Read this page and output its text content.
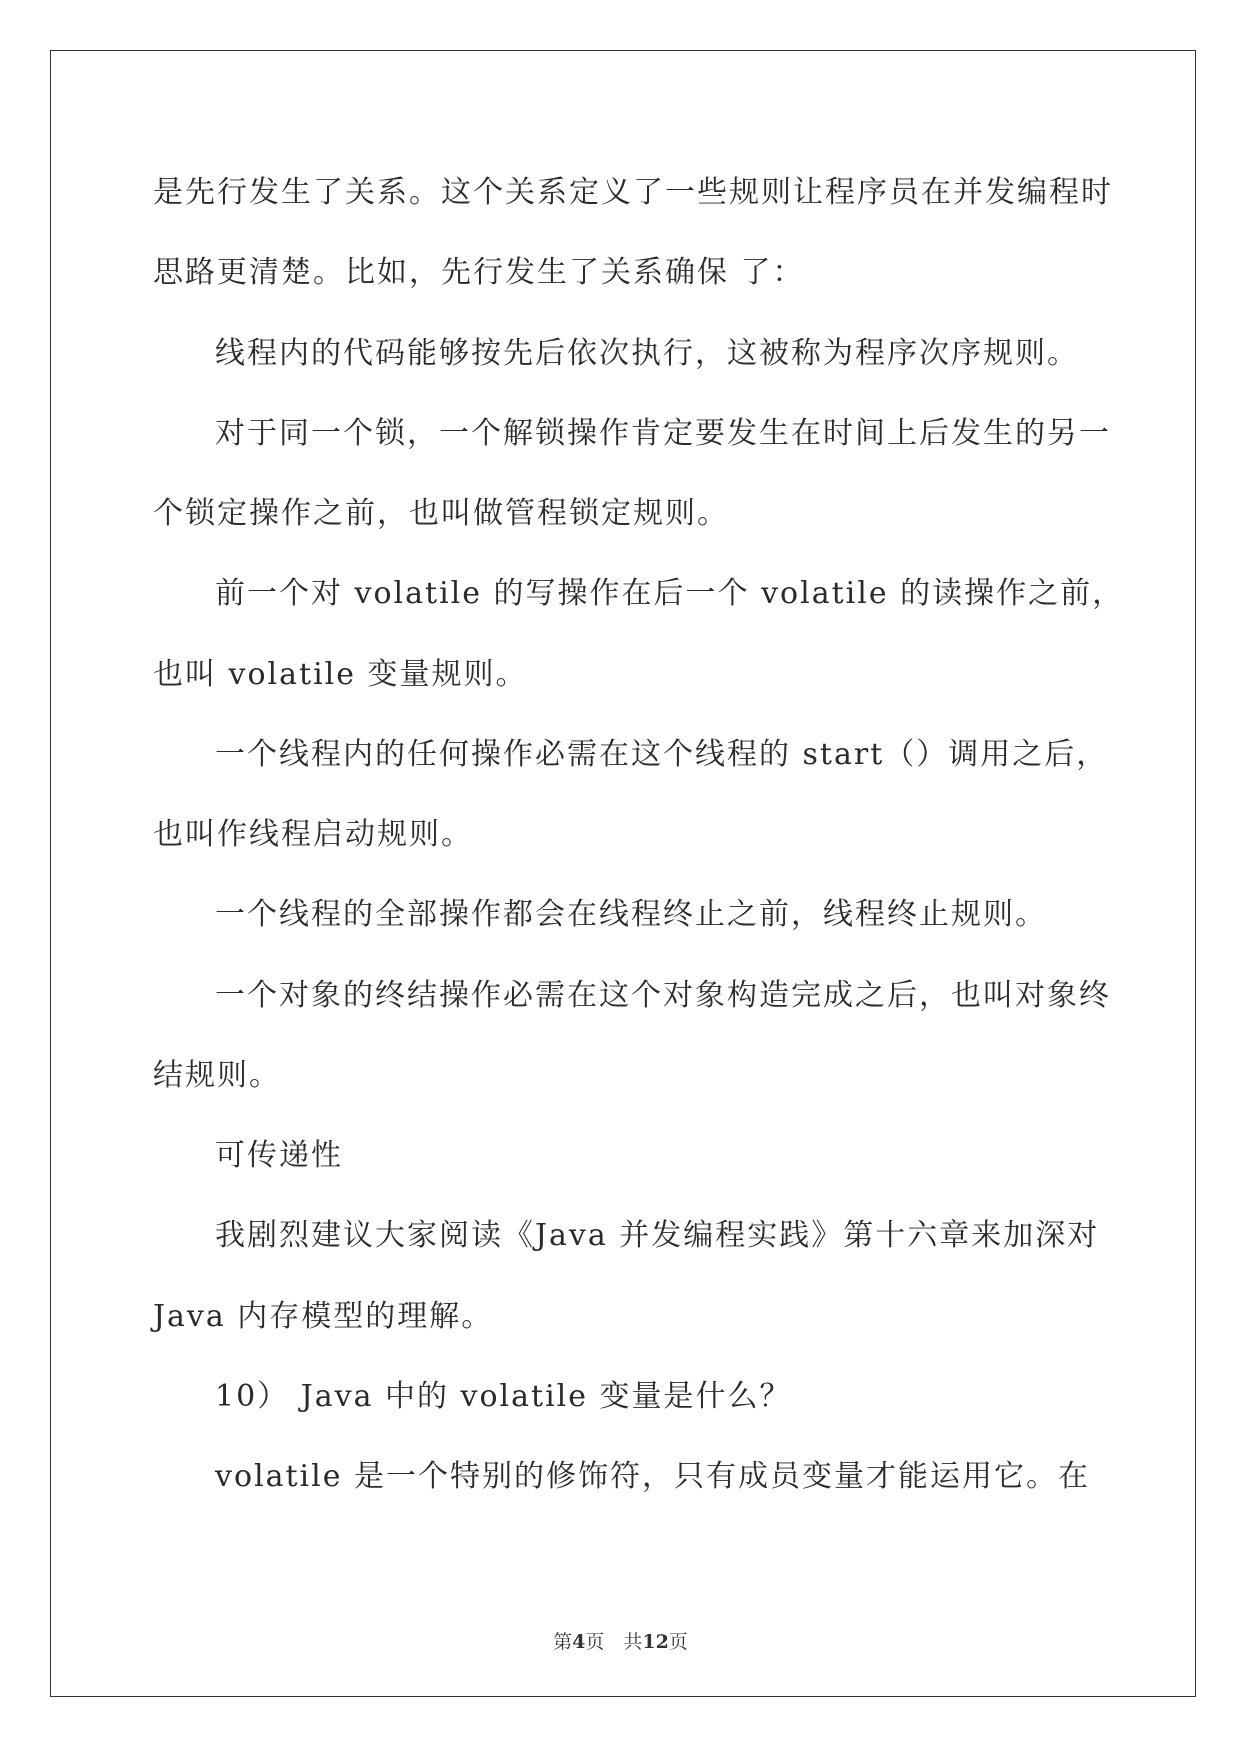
是先行发生了关系。这个关系定义了一些规则让程序员在并发编程时
思路更清楚。比如，先行发生了关系确保 了：
线程内的代码能够按先后依次执行，这被称为程序次序规则。
对于同一个锁，一个解锁操作肯定要发生在时间上后发生的另一
个锁定操作之前，也叫做管程锁定规则。
前一个对 volatile 的写操作在后一个 volatile 的读操作之前，
也叫 volatile 变量规则。
一个线程内的任何操作必需在这个线程的 start（）调用之后，
也叫作线程启动规则。
一个线程的全部操作都会在线程终止之前，线程终止规则。
一个对象的终结操作必需在这个对象构造完成之后，也叫对象终
结规则。
可传递性
我剧烈建议大家阅读《Java 并发编程实践》第十六章来加深对
Java 内存模型的理解。
10） Java 中的 volatile 变量是什么？
volatile 是一个特别的修饰符，只有成员变量才能运用它。在
第4页　共12页
